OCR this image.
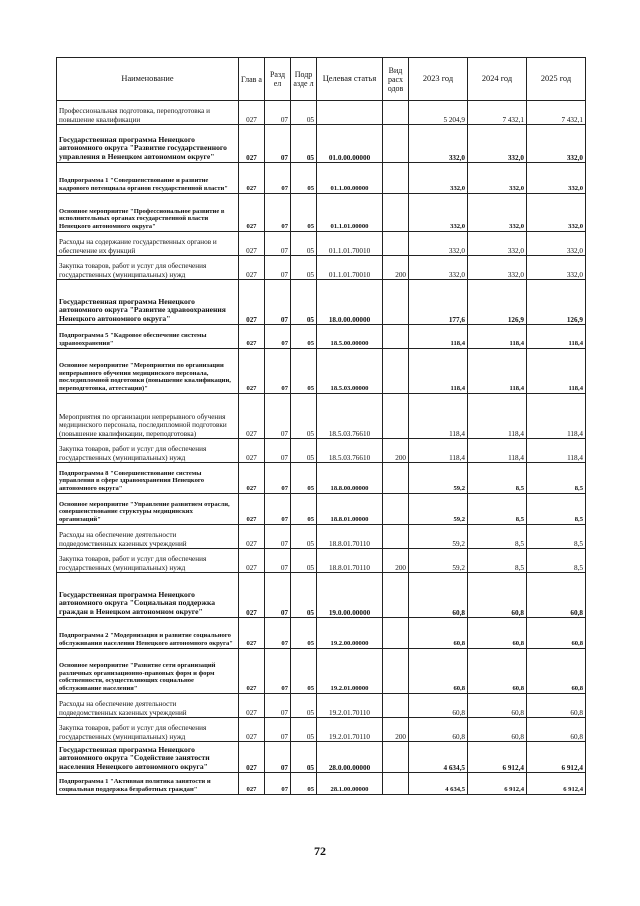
Наименование	Глав а	Разд ел	Подр азде л	Целевая статья	Вид расх одов	2023 год	2024 год	2025 год
Профессиональная подготовка, переподготовка и повышение квалификации	027	07	05			5 204,9	7 432,1	7 432,1
Государственная программа Ненецкого автономного округа "Развитие государственного управления в Ненецком автономном округе"	027	07	05	01.0.00.00000		332,0	332,0	332,0
Подпрограмма 1 "Совершенствование и развитие кадрового потенциала органов государственной власти"	027	07	05	01.1.00.00000		332,0	332,0	332,0
Основное мероприятие "Профессиональное развитие в исполнительных органах государственной власти Ненецкого автономного округа"	027	07	05	01.1.01.00000		332,0	332,0	332,0
Расходы на содержание государственных органов и обеспечение их функций	027	07	05	01.1.01.70010		332,0	332,0	332,0
Закупка товаров, работ и услуг для обеспечения государственных (муниципальных) нужд	027	07	05	01.1.01.70010	200	332,0	332,0	332,0
Государственная программа Ненецкого автономного округа "Развитие здравоохранения Ненецкого автономного округа"	027	07	05	18.0.00.00000		177,6	126,9	126,9
Подпрограмма 5 "Кадровое обеспечение системы здравоохранения"	027	07	05	18.5.00.00000		118,4	118,4	118,4
Основное мероприятие "Мероприятия по организации непрерывного обучения медицинского персонала, последипломной подготовки (повышение квалификации, переподготовка, аттестация)"	027	07	05	18.5.03.00000		118,4	118,4	118,4
Мероприятия по организации непрерывного обучения медицинского персонала, последипломной подготовки (повышение квалификации, переподготовка)	027	07	05	18.5.03.76610		118,4	118,4	118,4
Закупка товаров, работ и услуг для обеспечения государственных (муниципальных) нужд	027	07	05	18.5.03.76610	200	118,4	118,4	118,4
Подпрограмма 8 "Совершенствование системы управления в сфере здравоохранения Ненецкого автономного округа"	027	07	05	18.8.00.00000		59,2	8,5	8,5
Основное мероприятие "Управление развитием отрасли, совершенствование структуры медицинских организаций"	027	07	05	18.8.01.00000		59,2	8,5	8,5
Расходы на обеспечение деятельности подведомственных казенных учреждений	027	07	05	18.8.01.70110		59,2	8,5	8,5
Закупка товаров, работ и услуг для обеспечения государственных (муниципальных) нужд	027	07	05	18.8.01.70110	200	59,2	8,5	8,5
Государственная программа Ненецкого автономного округа "Социальная поддержка граждан в Ненецком автономном округе"	027	07	05	19.0.00.00000		60,8	60,8	60,8
Подпрограмма 2 "Модернизация и развитие социального обслуживания населения Ненецкого автономного округа"	027	07	05	19.2.00.00000		60,8	60,8	60,8
Основное мероприятие "Развитие сети организаций различных организационно-правовых форм и форм собственности, осуществляющих социальное обслуживание населения"	027	07	05	19.2.01.00000		60,8	60,8	60,8
Расходы на обеспечение деятельности подведомственных казенных учреждений	027	07	05	19.2.01.70110		60,8	60,8	60,8
Закупка товаров, работ и услуг для обеспечения государственных (муниципальных) нужд	027	07	05	19.2.01.70110	200	60,8	60,8	60,8
Государственная программа Ненецкого автономного округа "Содействие занятости населения Ненецкого автономного округа"	027	07	05	28.0.00.00000		4 634,5	6 912,4	6 912,4
Подпрограмма 1 "Активная политика занятости и социальная поддержка безработных граждан"	027	07	05	28.1.00.00000		4 634,5	6 912,4	6 912,4
72
